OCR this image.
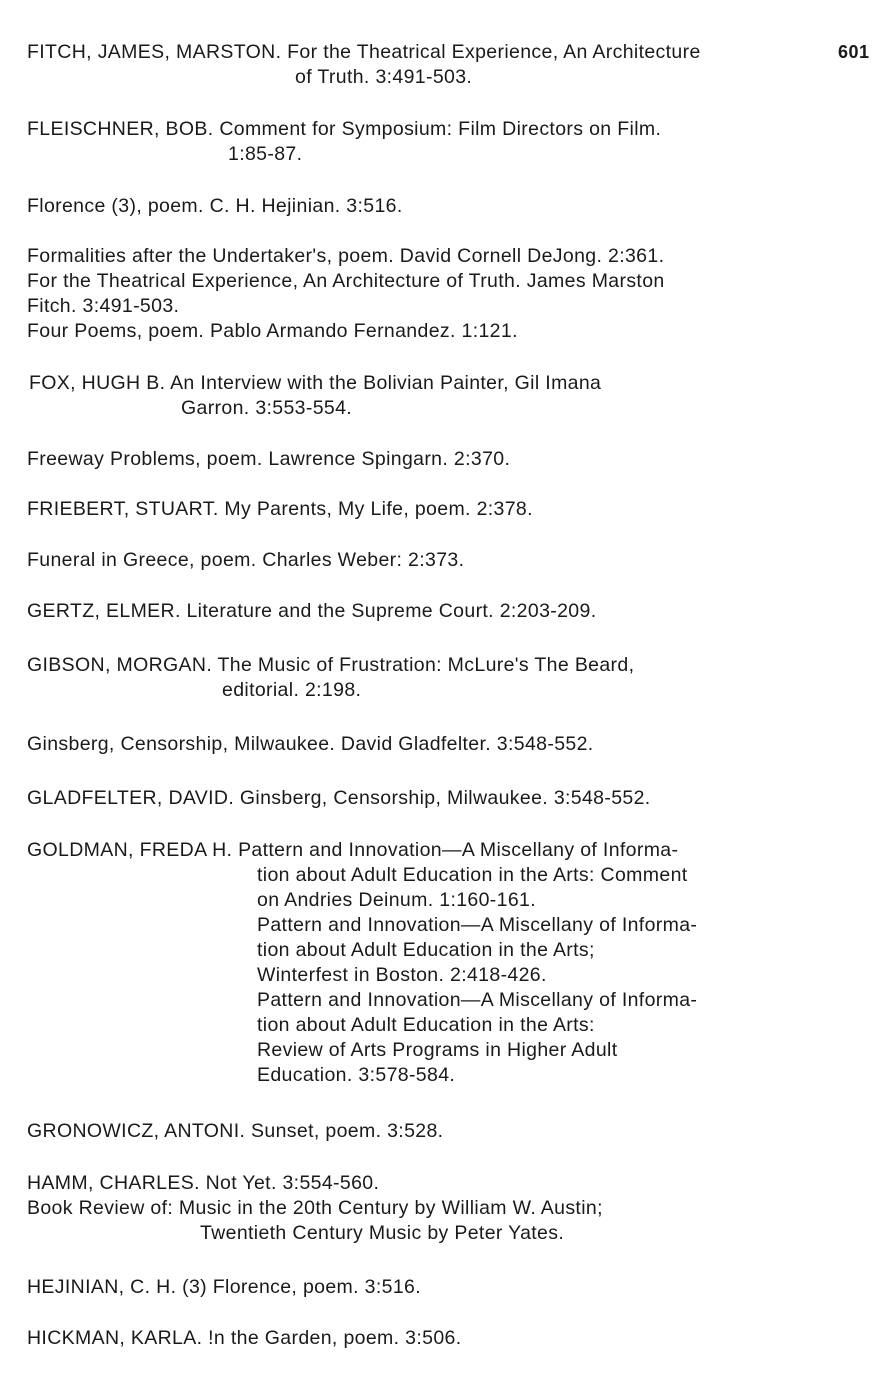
601
FITCH, JAMES, MARSTON. For the Theatrical Experience, An Architecture
of Truth. 3:491-503.
FLEISCHNER, BOB. Comment for Symposium: Film Directors on Film.
1:85-87.
Florence (3), poem. C. H. Hejinian. 3:516.
Formalities after the Undertaker's, poem. David Cornell DeJong. 2:361.
For the Theatrical Experience, An Architecture of Truth. James Marston
Fitch. 3:491-503.
Four Poems, poem. Pablo Armando Fernandez. 1:121.
FOX, HUGH B. An Interview with the Bolivian Painter, Gil Imana
Garron. 3:553-554.
Freeway Problems, poem. Lawrence Spingarn. 2:370.
FRIEBERT, STUART. My Parents, My Life, poem. 2:378.
Funeral in Greece, poem. Charles Weber: 2:373.
GERTZ, ELMER. Literature and the Supreme Court. 2:203-209.
GIBSON, MORGAN. The Music of Frustration: McLure's The Beard,
editorial. 2:198.
Ginsberg, Censorship, Milwaukee. David Gladfelter. 3:548-552.
GLADFELTER, DAVID. Ginsberg, Censorship, Milwaukee. 3:548-552.
GOLDMAN, FREDA H. Pattern and Innovation—A Miscellany of Informa-
tion about Adult Education in the Arts: Comment
on Andries Deinum. 1:160-161.
Pattern and Innovation—A Miscellany of Informa-
tion about Adult Education in the Arts;
Winterfest in Boston. 2:418-426.
Pattern and Innovation—A Miscellany of Informa-
tion about Adult Education in the Arts:
Review of Arts Programs in Higher Adult
Education. 3:578-584.
GRONOWICZ, ANTONI. Sunset, poem. 3:528.
HAMM, CHARLES. Not Yet. 3:554-560.
Book Review of: Music in the 20th Century by William W. Austin;
Twentieth Century Music by Peter Yates.
HEJINIAN, C. H. (3) Florence, poem. 3:516.
HICKMAN, KARLA. !n the Garden, poem. 3:506.
